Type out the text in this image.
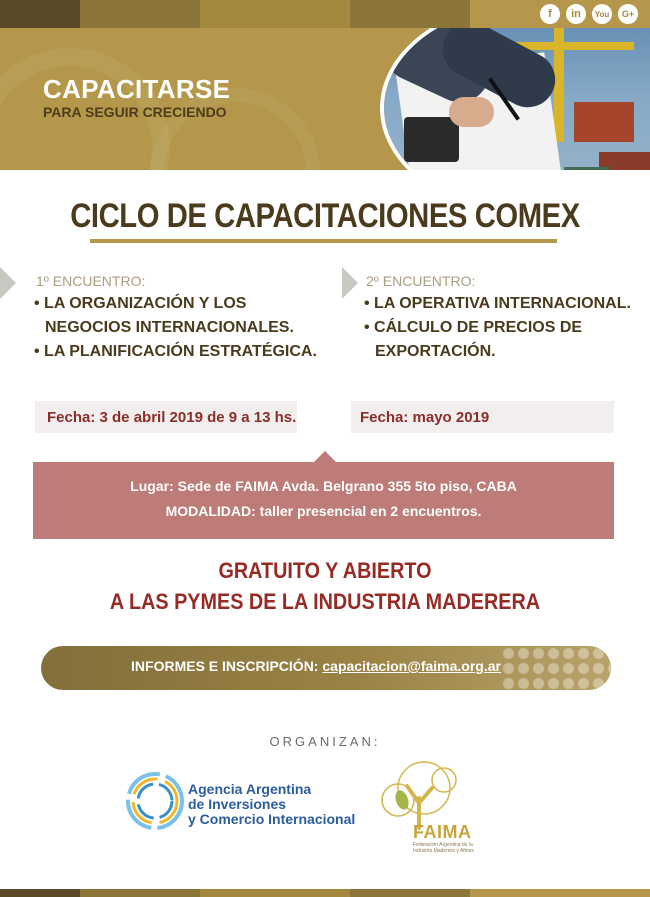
f	in	You	G+
CAPACITARSE
PARA SEGUIR CRECIENDO
CICLO DE CAPACITACIONES COMEX
1º ENCUENTRO:
• LA ORGANIZACIÓN Y LOS NEGOCIOS INTERNACIONALES.
• LA PLANIFICACIÓN ESTRATÉGICA.
Fecha: 3 de abril 2019 de 9 a 13 hs.
2º ENCUENTRO:
• LA OPERATIVA INTERNACIONAL.
• CÁLCULO DE PRECIOS DE EXPORTACIÓN.
Fecha: mayo 2019
Lugar: Sede de FAIMA Avda. Belgrano 355 5to piso, CABA
MODALIDAD: taller presencial en 2 encuentros.
GRATUITO Y ABIERTO
A LAS PYMES DE LA INDUSTRIA MADERERA
INFORMES E INSCRIPCIÓN: capacitacion@faima.org.ar
ORGANIZAN:
Agencia Argentina
de Inversiones
y Comercio Internacional
FAIMA
Federación Argentina de la Industria Maderera y Afines
